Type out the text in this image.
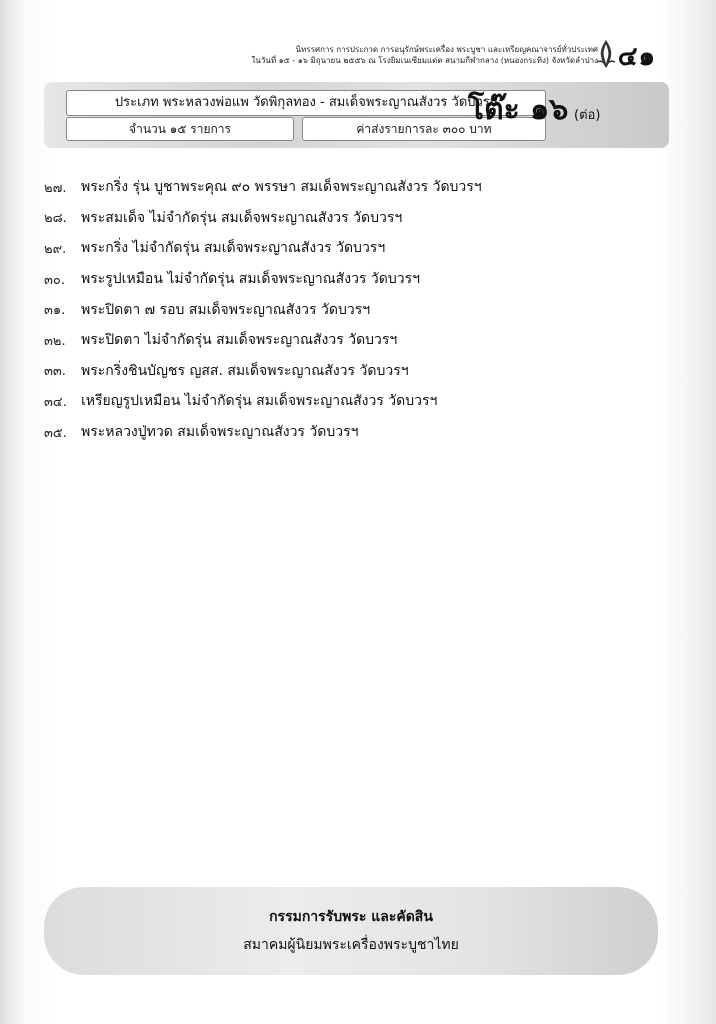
นิทรรศการ การประกวด การอนุรักษ์พระเครื่อง พระบูชา และเหรียญคณาจารย์ทั่วประเทศ
ในวันที่ ๑๕ - ๑๖ มิถุนายน ๒๕๕๖ ณ โรงยิมเนเซียมแต่ด สนามกีฬากลาง (หนองกระทิง) จังหวัดลำปาง ๔๑
ประเภท พระหลวงพ่อแพ วัดพิกุลทอง - สมเด็จพระญาณสังวร วัดบวรฯ
จำนวน ๑๕ รายการ	ค่าส่งรายการละ ๓๐๐ บาท
โต๊ะ ๑๖ (ต่อ)
๒๗.	พระกริ่ง รุ่น บูชาพระคุณ ๙๐ พรรษา สมเด็จพระญาณสังวร วัดบวรฯ
๒๘.	พระสมเด็จ ไม่จำกัดรุ่น สมเด็จพระญาณสังวร วัดบวรฯ
๒๙.	พระกริ่ง ไม่จำกัดรุ่น สมเด็จพระญาณสังวร วัดบวรฯ
๓๐.	พระรูปเหมือน ไม่จำกัดรุ่น สมเด็จพระญาณสังวร วัดบวรฯ
๓๑.	พระปิดตา ๗ รอบ สมเด็จพระญาณสังวร วัดบวรฯ
๓๒.	พระปิดตา ไม่จำกัดรุ่น สมเด็จพระญาณสังวร วัดบวรฯ
๓๓.	พระกริ่งชินบัญชร ญสส. สมเด็จพระญาณสังวร วัดบวรฯ
๓๔.	เหรียญรูปเหมือน ไม่จำกัดรุ่น สมเด็จพระญาณสังวร วัดบวรฯ
๓๕.	พระหลวงปู่ทวด สมเด็จพระญาณสังวร วัดบวรฯ
กรรมการรับพระ และคัดสิน
สมาคมผู้นิยมพระเครื่องพระบูชาไทย
